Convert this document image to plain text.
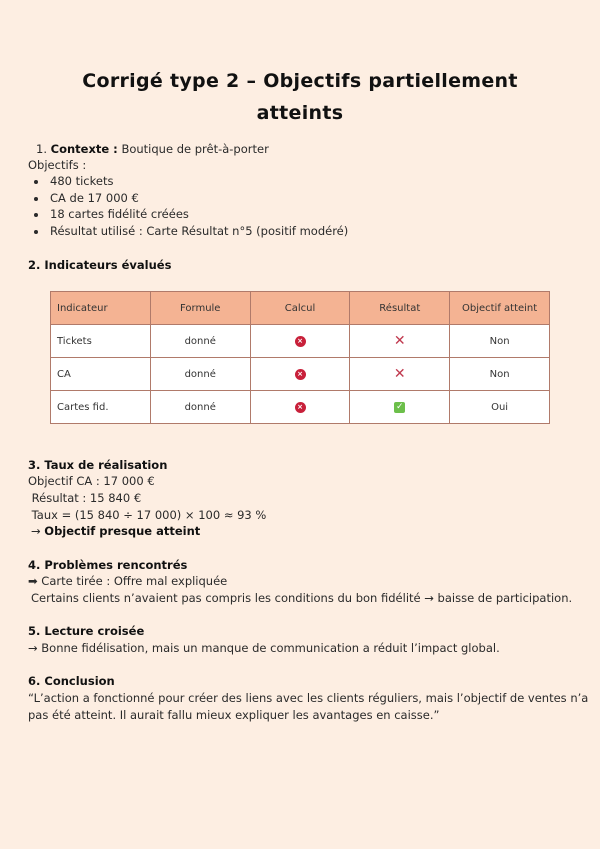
Corrigé type 2 – Objectifs partiellement
atteints
1. Contexte : Boutique de prêt-à-porter
Objectifs :
• 480 tickets
• CA de 17 000 €
• 18 cartes fidélité créées
• Résultat utilisé : Carte Résultat n°5 (positif modéré)
2. Indicateurs évalués
Indicateur	Formule	Calcul	Résultat	Objectif atteint
Tickets	donné	×	✕	Non
CA	donné	×	✕	Non
Cartes fid.	donné	×	✓	Oui
3. Taux de réalisation
Objectif CA : 17 000 €
Résultat : 15 840 €
Taux = (15 840 ÷ 17 000) × 100 ≈ 93 %
→ Objectif presque atteint
4. Problèmes rencontrés
➡ Carte tirée : Offre mal expliquée
Certains clients n’avaient pas compris les conditions du bon fidélité → baisse de participation.
5. Lecture croisée
→ Bonne fidélisation, mais un manque de communication a réduit l’impact global.
6. Conclusion
“L’action a fonctionné pour créer des liens avec les clients réguliers, mais l’objectif de ventes n’a
pas été atteint. Il aurait fallu mieux expliquer les avantages en caisse.”
